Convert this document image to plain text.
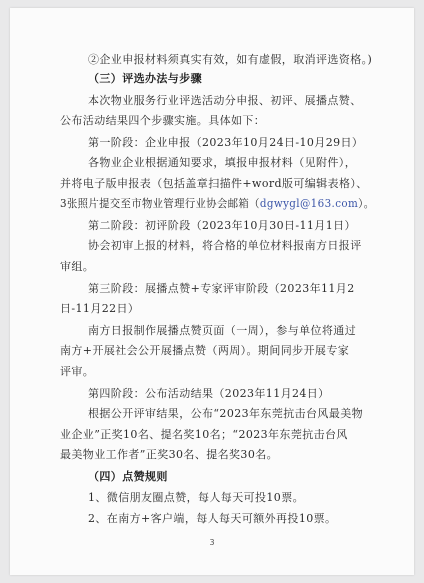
②企业申报材料须真实有效，如有虚假，取消评选资格。)
（三）评选办法与步骤
本次物业服务行业评选活动分申报、初评、展播点赞、
公布活动结果四个步骤实施。具体如下：
第一阶段：企业申报（2023年10月24日-10月29日）
各物业企业根据通知要求，填报申报材料（见附件），
并将电子版申报表（包括盖章扫描件+word版可编辑表格）、
3张照片提交至市物业管理行业协会邮箱（dgwygl@163.com）。
第二阶段：初评阶段（2023年10月30日-11月1日）
协会初审上报的材料，将合格的单位材料报南方日报评
审组。
第三阶段：展播点赞+专家评审阶段（2023年11月2
日-11月22日）
南方日报制作展播点赞页面（一周），参与单位将通过
南方+开展社会公开展播点赞（两周）。期间同步开展专家
评审。
第四阶段：公布活动结果（2023年11月24日）
根据公开评审结果，公布“2023年东莞抗击台风最美物
业企业”正奖10名、提名奖10名；“2023年东莞抗击台风
最美物业工作者”正奖30名、提名奖30名。
（四）点赞规则
1、微信朋友圈点赞，每人每天可投10票。
2、在南方+客户端，每人每天可额外再投10票。
3
